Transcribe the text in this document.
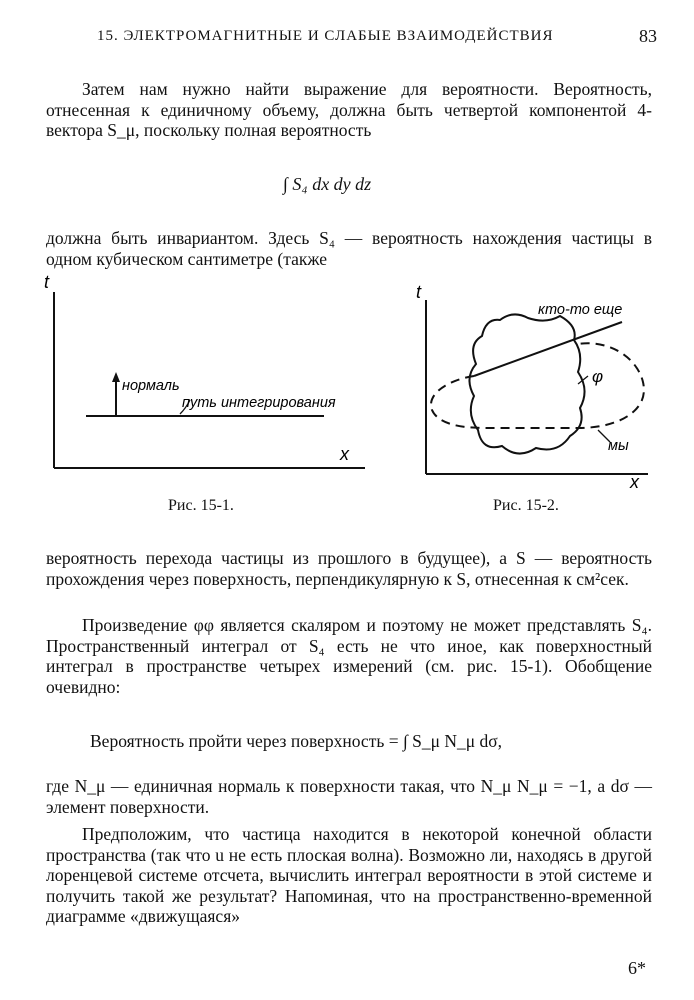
15. ЭЛЕКТРОМАГНИТНЫЕ И СЛАБЫЕ ВЗАИМОДЕЙСТВИЯ	83

Затем нам нужно найти выражение для вероятности. Вероятность, отнесенная к единичному объему, должна быть четвертой компонентой 4-вектора S_μ, поскольку полная вероятность

∫ S₄ dx dy dz

должна быть инвариантом. Здесь S₄ — вероятность нахождения частицы в одном кубическом сантиметре (также

t
x
нормаль
путь интегрирования
Рис. 15-1.
t
x
кто-то еще
φ
мы
Рис. 15-2.

вероятность перехода частицы из прошлого в будущее), а S — вероятность прохождения через поверхность, перпендикулярную к S, отнесенная к см²сек.

Произведение φφ является скаляром и поэтому не может представлять S₄. Пространственный интеграл от S₄ есть не что иное, как поверхностный интеграл в пространстве четырех измерений (см. рис. 15-1). Обобщение очевидно:

Вероятность пройти через поверхность = ∫ S_μ N_μ dσ,

где N_μ — единичная нормаль к поверхности такая, что N_μ N_μ = −1, а dσ — элемент поверхности.

Предположим, что частица находится в некоторой конечной области пространства (так что u не есть плоская волна). Возможно ли, находясь в другой лоренцевой системе отсчета, вычислить интеграл вероятности в этой системе и получить такой же результат? Напоминая, что на пространственно-временной диаграмме «движущаяся»

6*
